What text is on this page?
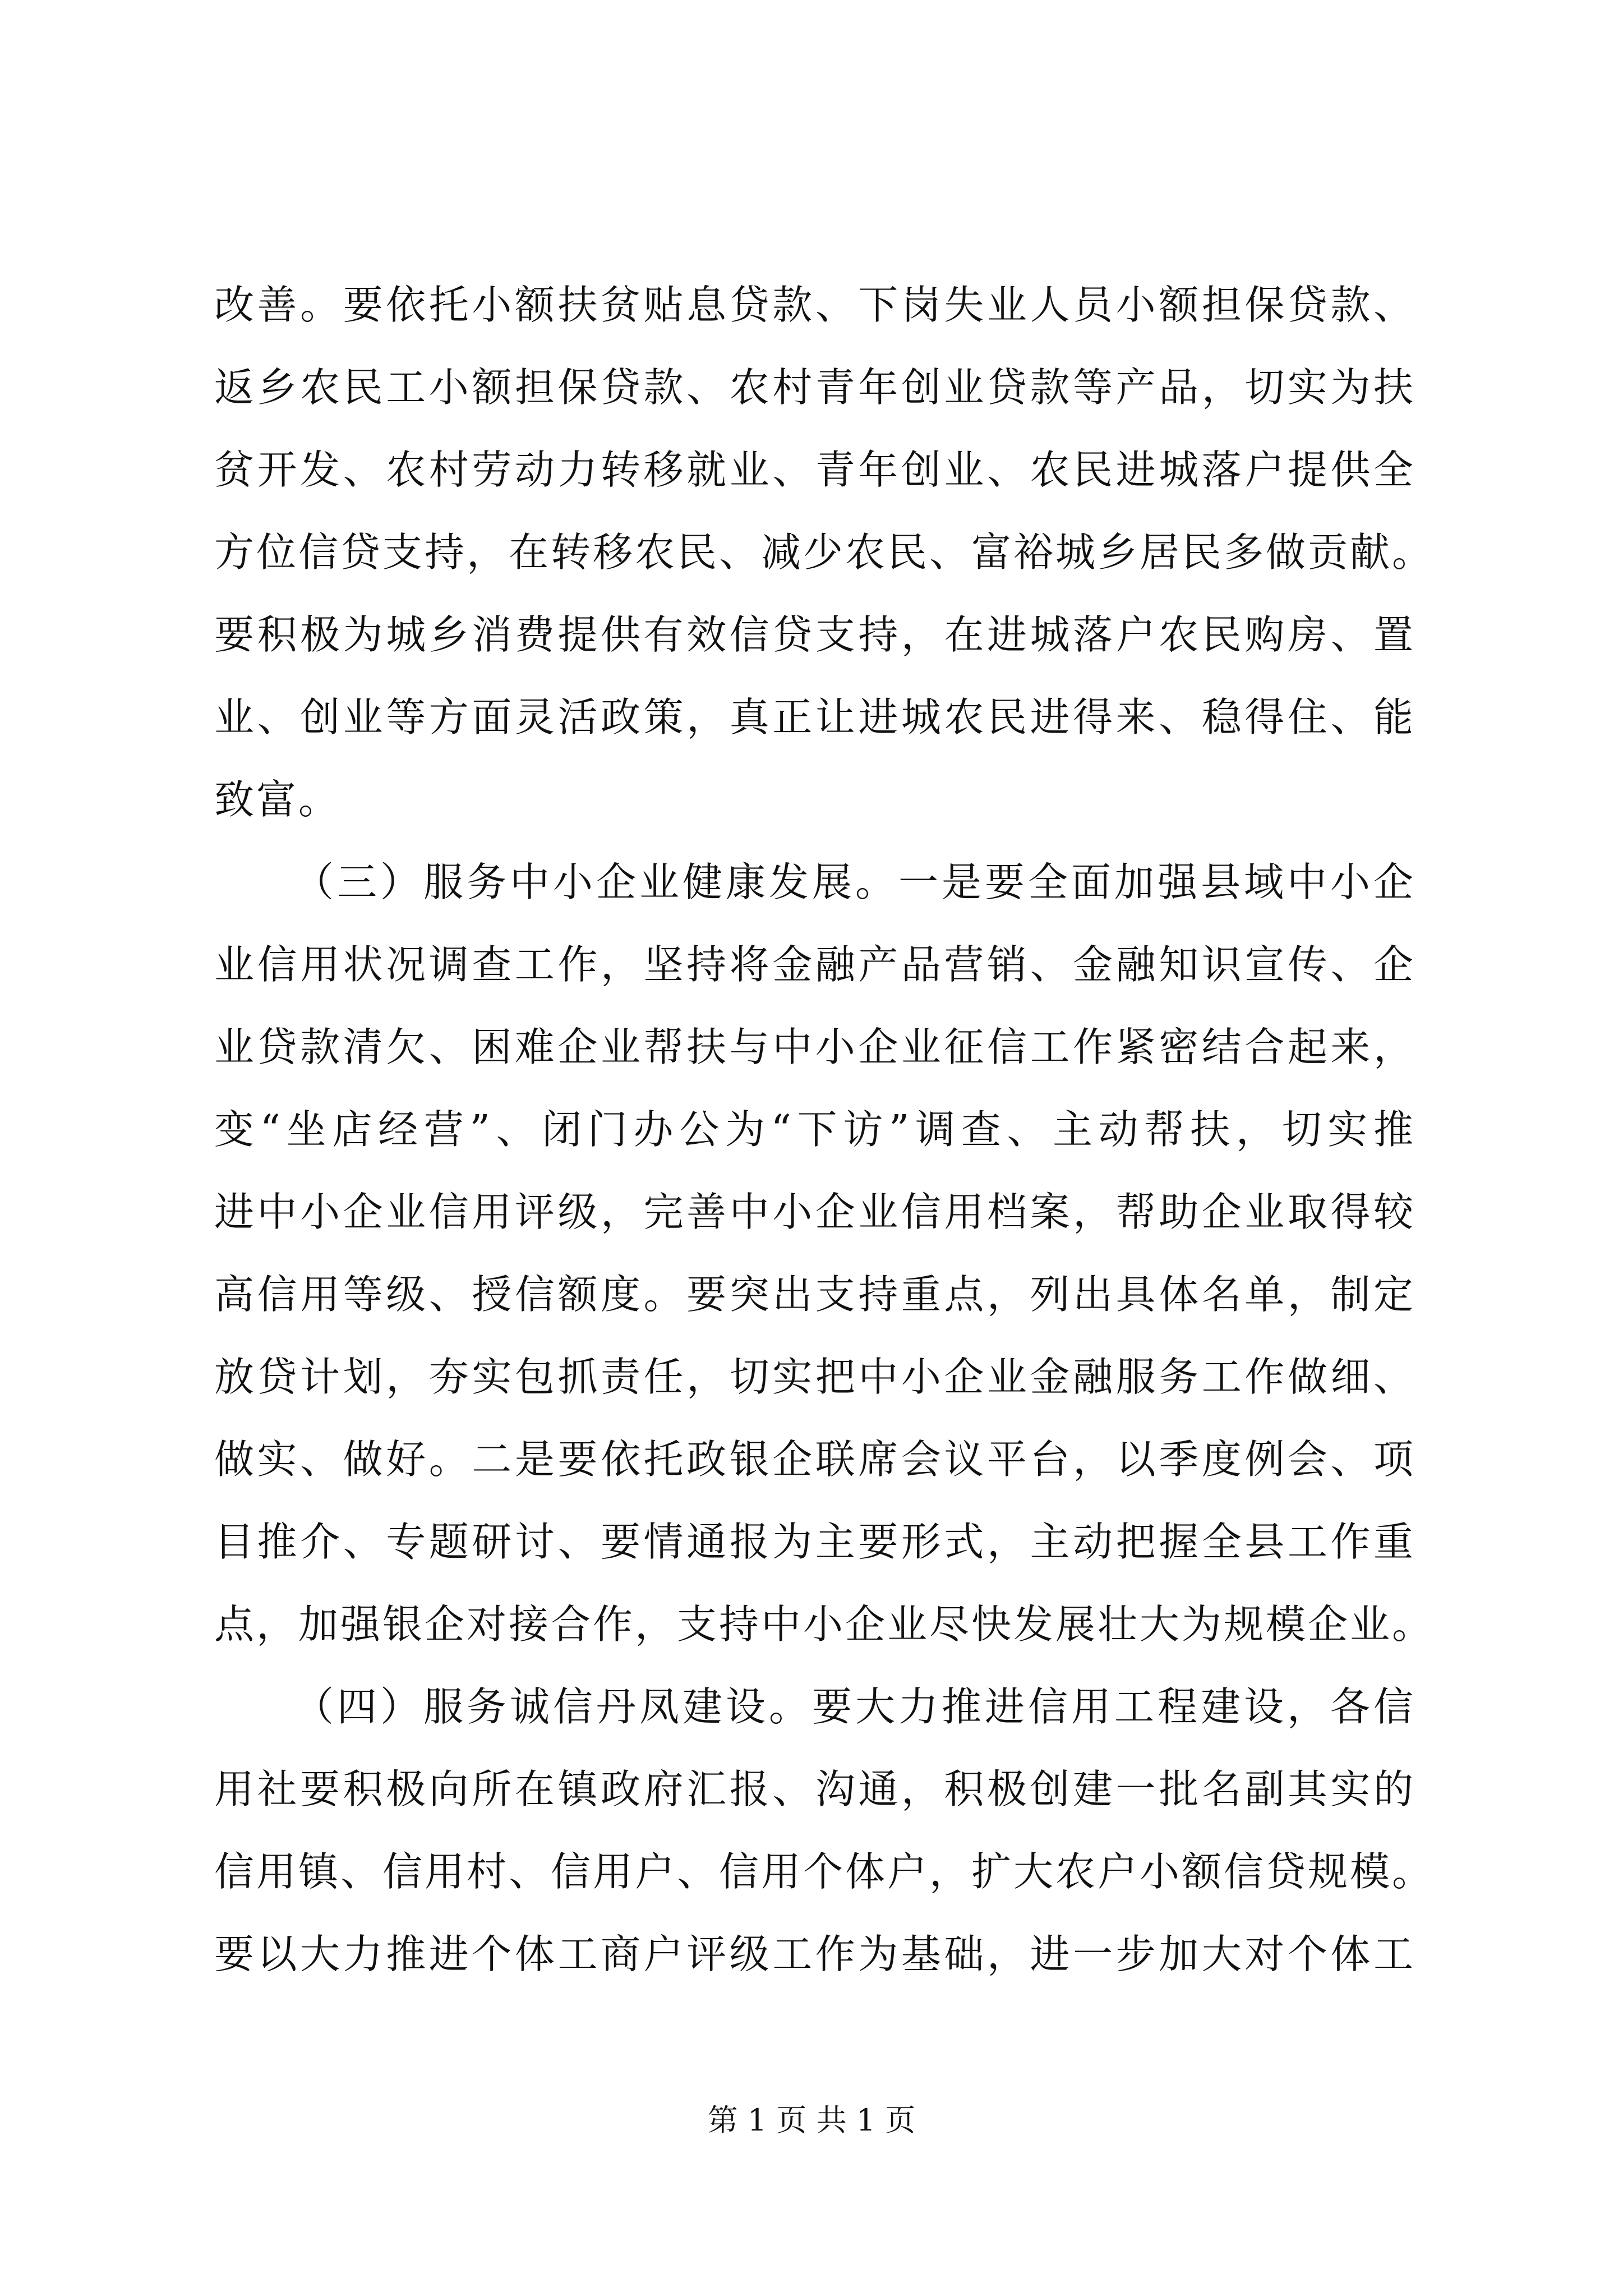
改善。要依托小额扶贫贴息贷款、下岗失业人员小额担保贷款、
返乡农民工小额担保贷款、农村青年创业贷款等产品，切实为扶
贫开发、农村劳动力转移就业、青年创业、农民进城落户提供全
方位信贷支持，在转移农民、减少农民、富裕城乡居民多做贡献。
要积极为城乡消费提供有效信贷支持，在进城落户农民购房、置
业、创业等方面灵活政策，真正让进城农民进得来、稳得住、能
致富。
（三）服务中小企业健康发展。一是要全面加强县域中小企
业信用状况调查工作，坚持将金融产品营销、金融知识宣传、企
业贷款清欠、困难企业帮扶与中小企业征信工作紧密结合起来，
变“坐店经营”、闭门办公为“下访”调查、主动帮扶，切实推
进中小企业信用评级，完善中小企业信用档案，帮助企业取得较
高信用等级、授信额度。要突出支持重点，列出具体名单，制定
放贷计划，夯实包抓责任，切实把中小企业金融服务工作做细、
做实、做好。二是要依托政银企联席会议平台，以季度例会、项
目推介、专题研讨、要情通报为主要形式，主动把握全县工作重
点，加强银企对接合作，支持中小企业尽快发展壮大为规模企业。
（四）服务诚信丹凤建设。要大力推进信用工程建设，各信
用社要积极向所在镇政府汇报、沟通，积极创建一批名副其实的
信用镇、信用村、信用户、信用个体户，扩大农户小额信贷规模。
要以大力推进个体工商户评级工作为基础，进一步加大对个体工
第 1 页 共 1 页
